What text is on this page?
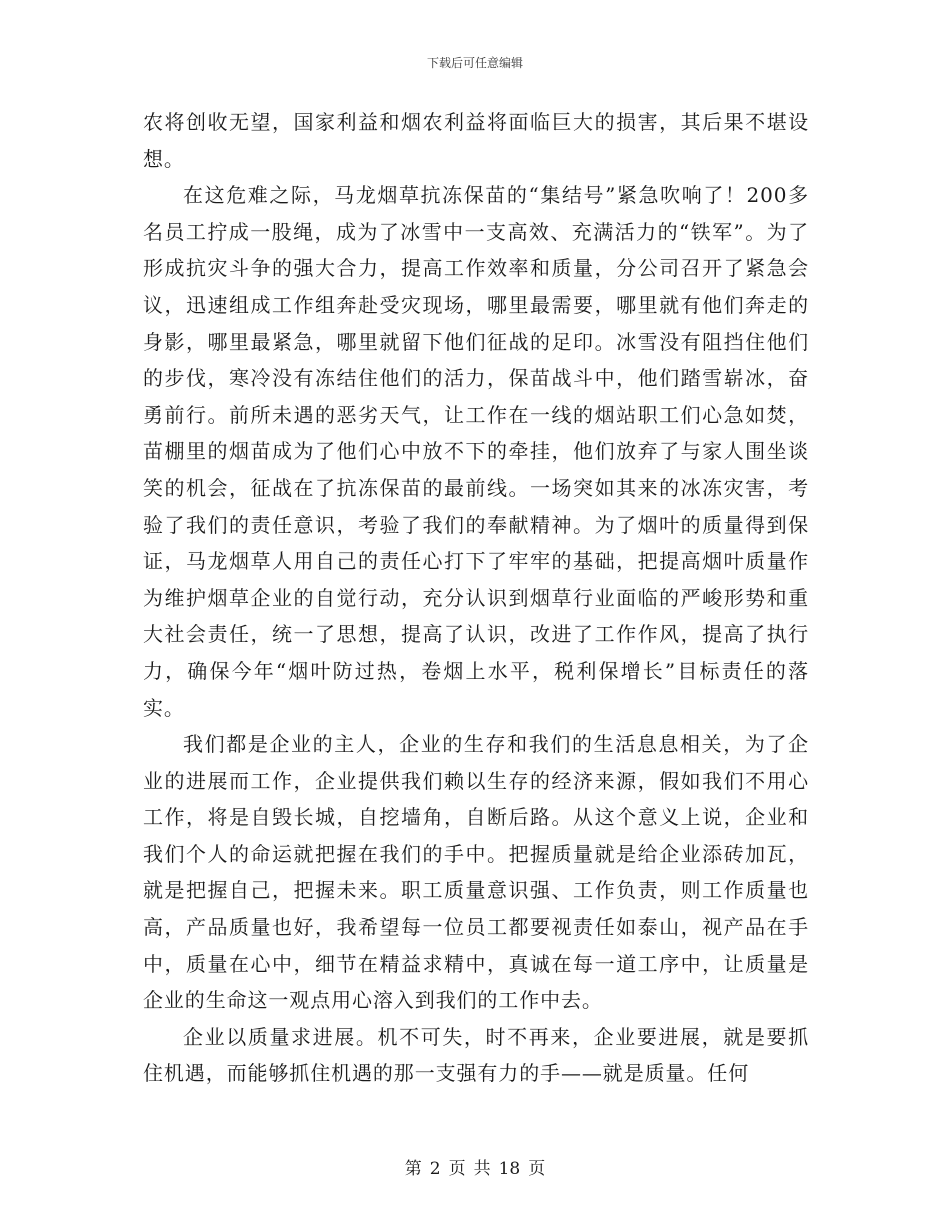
下载后可任意编辑

农将创收无望，国家利益和烟农利益将面临巨大的损害，其后果不堪设想。

在这危难之际，马龙烟草抗冻保苗的“集结号”紧急吹响了！200多名员工拧成一股绳，成为了冰雪中一支高效、充满活力的“铁军”。为了形成抗灾斗争的强大合力，提高工作效率和质量，分公司召开了紧急会议，迅速组成工作组奔赴受灾现场，哪里最需要，哪里就有他们奔走的身影，哪里最紧急，哪里就留下他们征战的足印。冰雪没有阻挡住他们的步伐，寒冷没有冻结住他们的活力，保苗战斗中，他们踏雪崭冰，奋勇前行。前所未遇的恶劣天气，让工作在一线的烟站职工们心急如焚，苗棚里的烟苗成为了他们心中放不下的牵挂，他们放弃了与家人围坐谈笑的机会，征战在了抗冻保苗的最前线。一场突如其来的冰冻灾害，考验了我们的责任意识，考验了我们的奉献精神。为了烟叶的质量得到保证，马龙烟草人用自己的责任心打下了牢牢的基础，把提高烟叶质量作为维护烟草企业的自觉行动，充分认识到烟草行业面临的严峻形势和重大社会责任，统一了思想，提高了认识，改进了工作作风，提高了执行力，确保今年“烟叶防过热，卷烟上水平，税利保增长”目标责任的落实。

我们都是企业的主人，企业的生存和我们的生活息息相关，为了企业的进展而工作，企业提供我们赖以生存的经济来源，假如我们不用心工作，将是自毁长城，自挖墙角，自断后路。从这个意义上说，企业和我们个人的命运就把握在我们的手中。把握质量就是给企业添砖加瓦，就是把握自己，把握未来。职工质量意识强、工作负责，则工作质量也高，产品质量也好，我希望每一位员工都要视责任如泰山，视产品在手中，质量在心中，细节在精益求精中，真诚在每一道工序中，让质量是企业的生命这一观点用心溶入到我们的工作中去。

企业以质量求进展。机不可失，时不再来，企业要进展，就是要抓住机遇，而能够抓住机遇的那一支强有力的手——就是质量。任何

第 2 页 共 18 页
